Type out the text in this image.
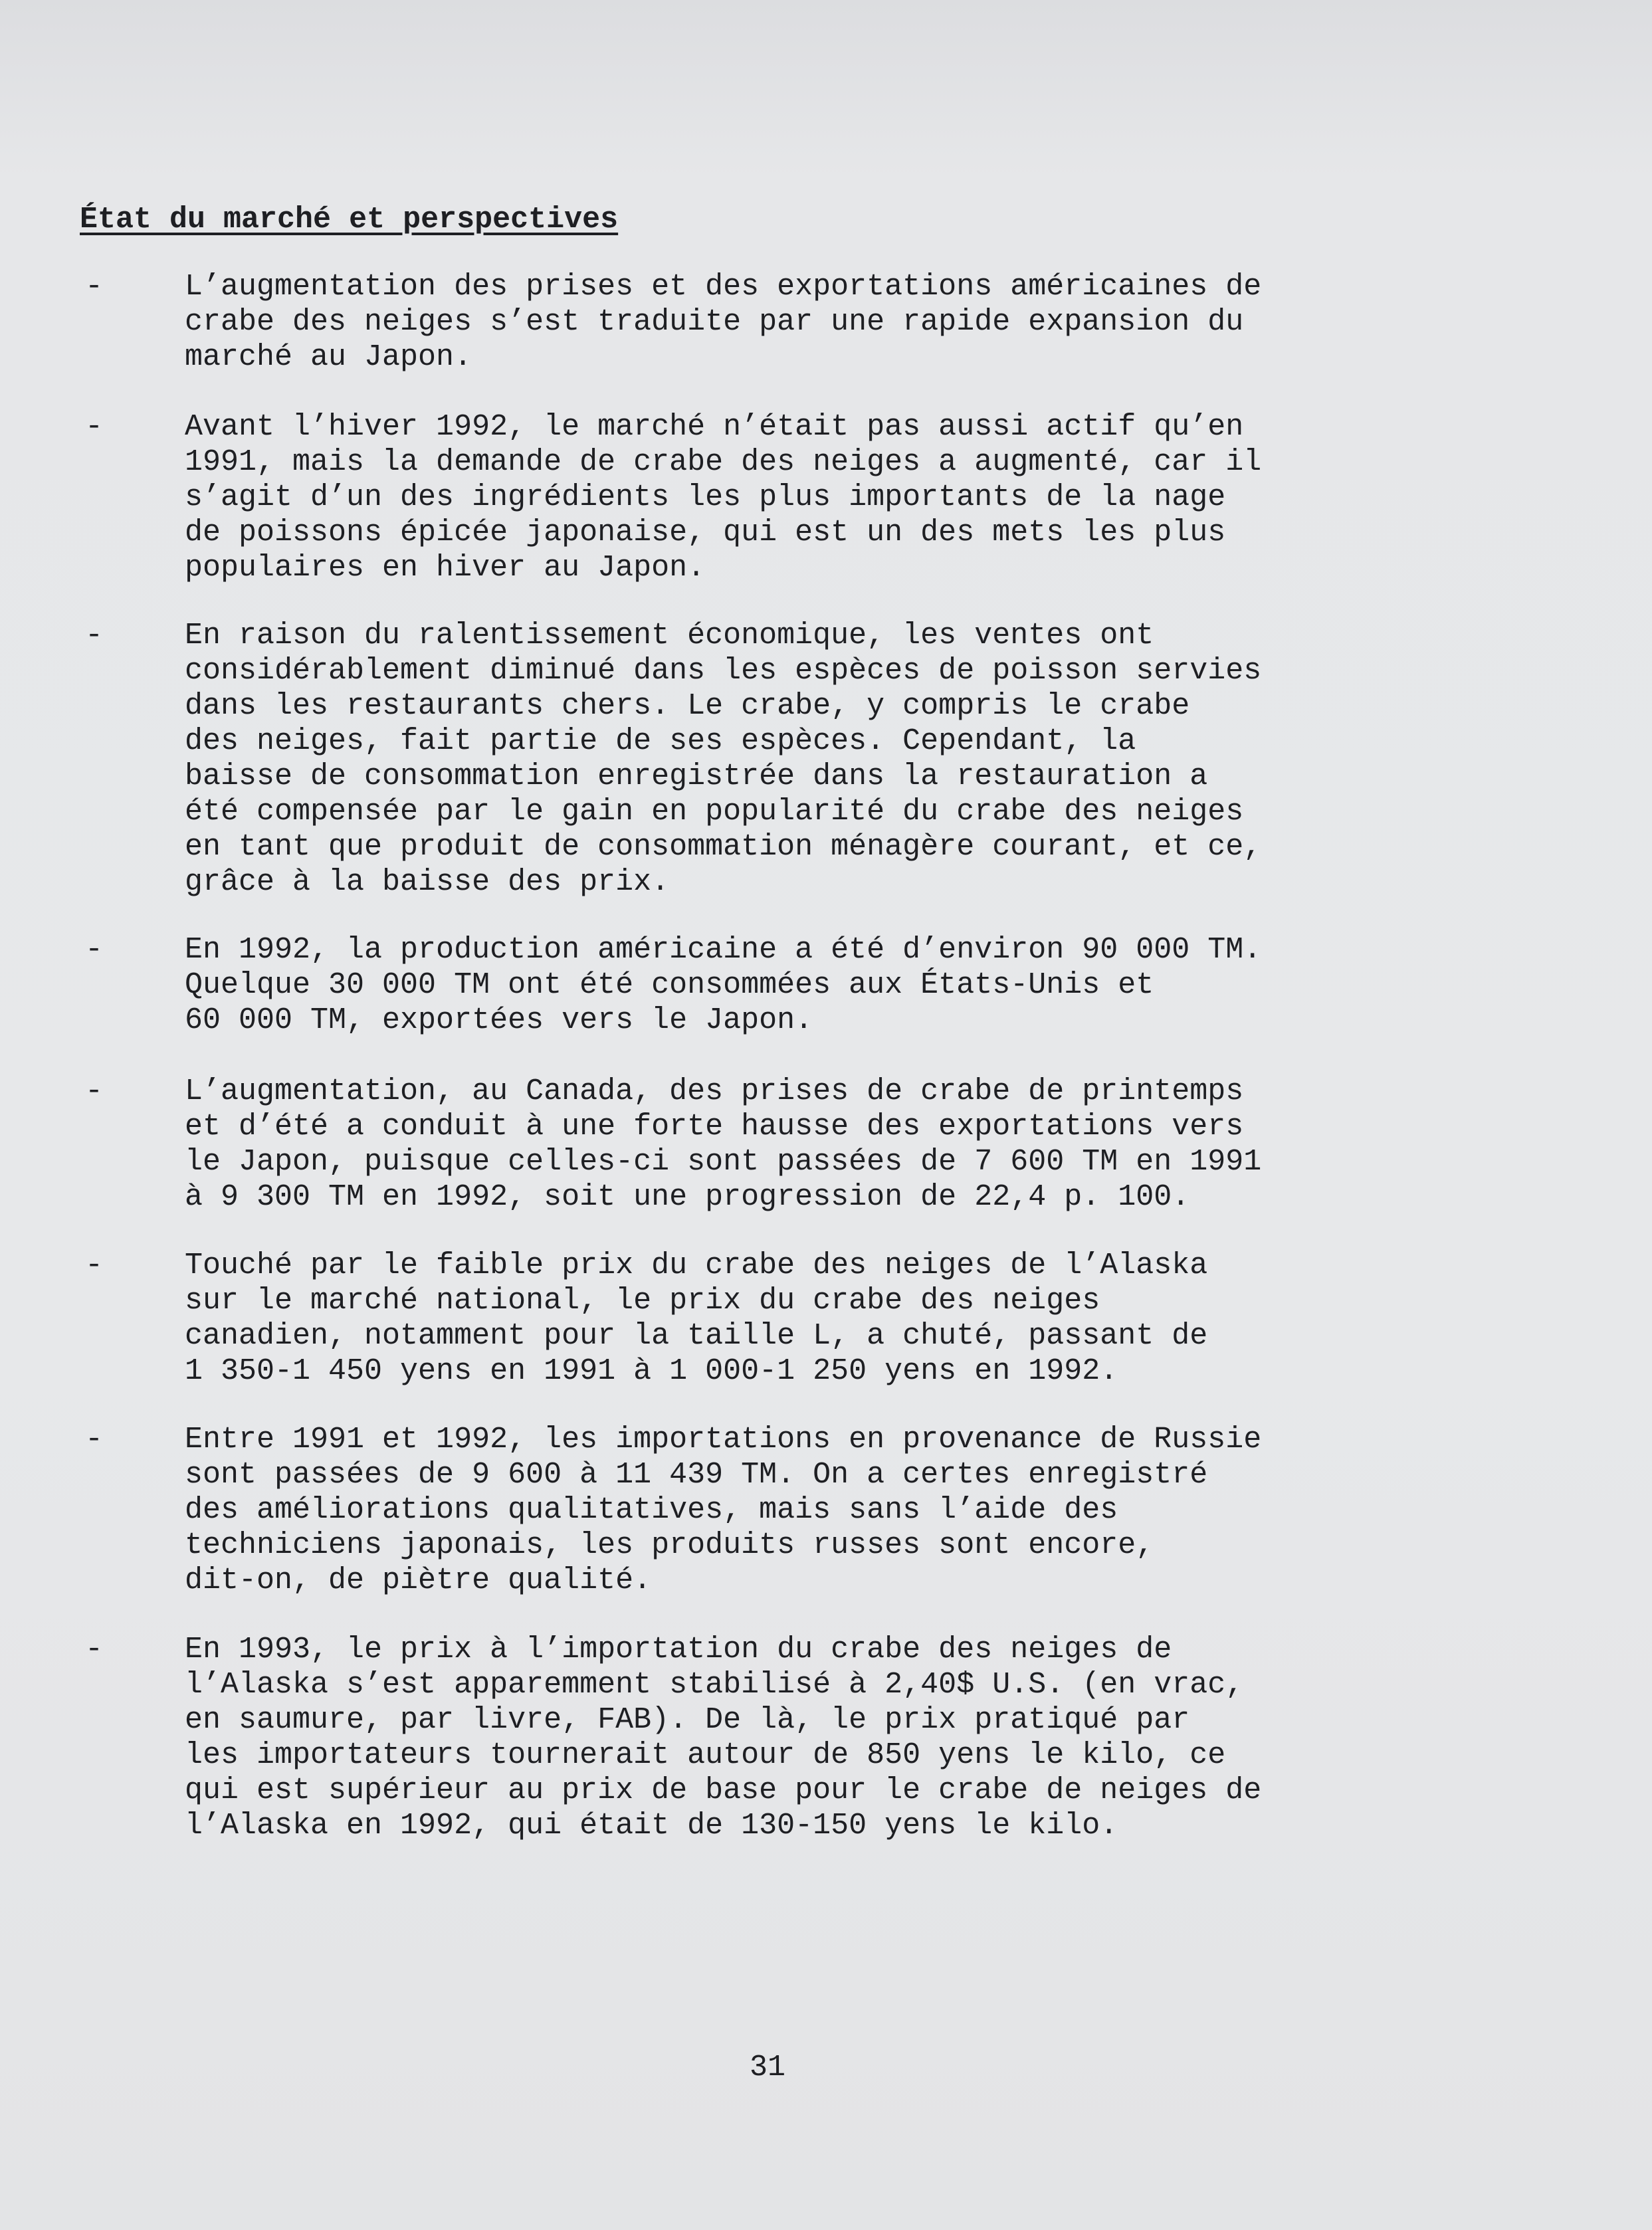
État du marché et perspectives
-	L’augmentation des prises et des exportations américaines de
crabe des neiges s’est traduite par une rapide expansion du
marché au Japon.

-	Avant l’hiver 1992, le marché n’était pas aussi actif qu’en
1991, mais la demande de crabe des neiges a augmenté, car il
s’agit d’un des ingrédients les plus importants de la nage
de poissons épicée japonaise, qui est un des mets les plus
populaires en hiver au Japon.

-	En raison du ralentissement économique, les ventes ont
considérablement diminué dans les espèces de poisson servies
dans les restaurants chers. Le crabe, y compris le crabe
des neiges, fait partie de ses espèces. Cependant, la
baisse de consommation enregistrée dans la restauration a
été compensée par le gain en popularité du crabe des neiges
en tant que produit de consommation ménagère courant, et ce,
grâce à la baisse des prix.

-	En 1992, la production américaine a été d’environ 90 000 TM.
Quelque 30 000 TM ont été consommées aux États-Unis et
60 000 TM, exportées vers le Japon.

-	L’augmentation, au Canada, des prises de crabe de printemps
et d’été a conduit à une forte hausse des exportations vers
le Japon, puisque celles-ci sont passées de 7 600 TM en 1991
à 9 300 TM en 1992, soit une progression de 22,4 p. 100.

-	Touché par le faible prix du crabe des neiges de l’Alaska
sur le marché national, le prix du crabe des neiges
canadien, notamment pour la taille L, a chuté, passant de
1 350-1 450 yens en 1991 à 1 000-1 250 yens en 1992.

-	Entre 1991 et 1992, les importations en provenance de Russie
sont passées de 9 600 à 11 439 TM. On a certes enregistré
des améliorations qualitatives, mais sans l’aide des
techniciens japonais, les produits russes sont encore,
dit-on, de piètre qualité.

-	En 1993, le prix à l’importation du crabe des neiges de
l’Alaska s’est apparemment stabilisé à 2,40$ U.S. (en vrac,
en saumure, par livre, FAB). De là, le prix pratiqué par
les importateurs tournerait autour de 850 yens le kilo, ce
qui est supérieur au prix de base pour le crabe de neiges de
l’Alaska en 1992, qui était de 130-150 yens le kilo.

31
